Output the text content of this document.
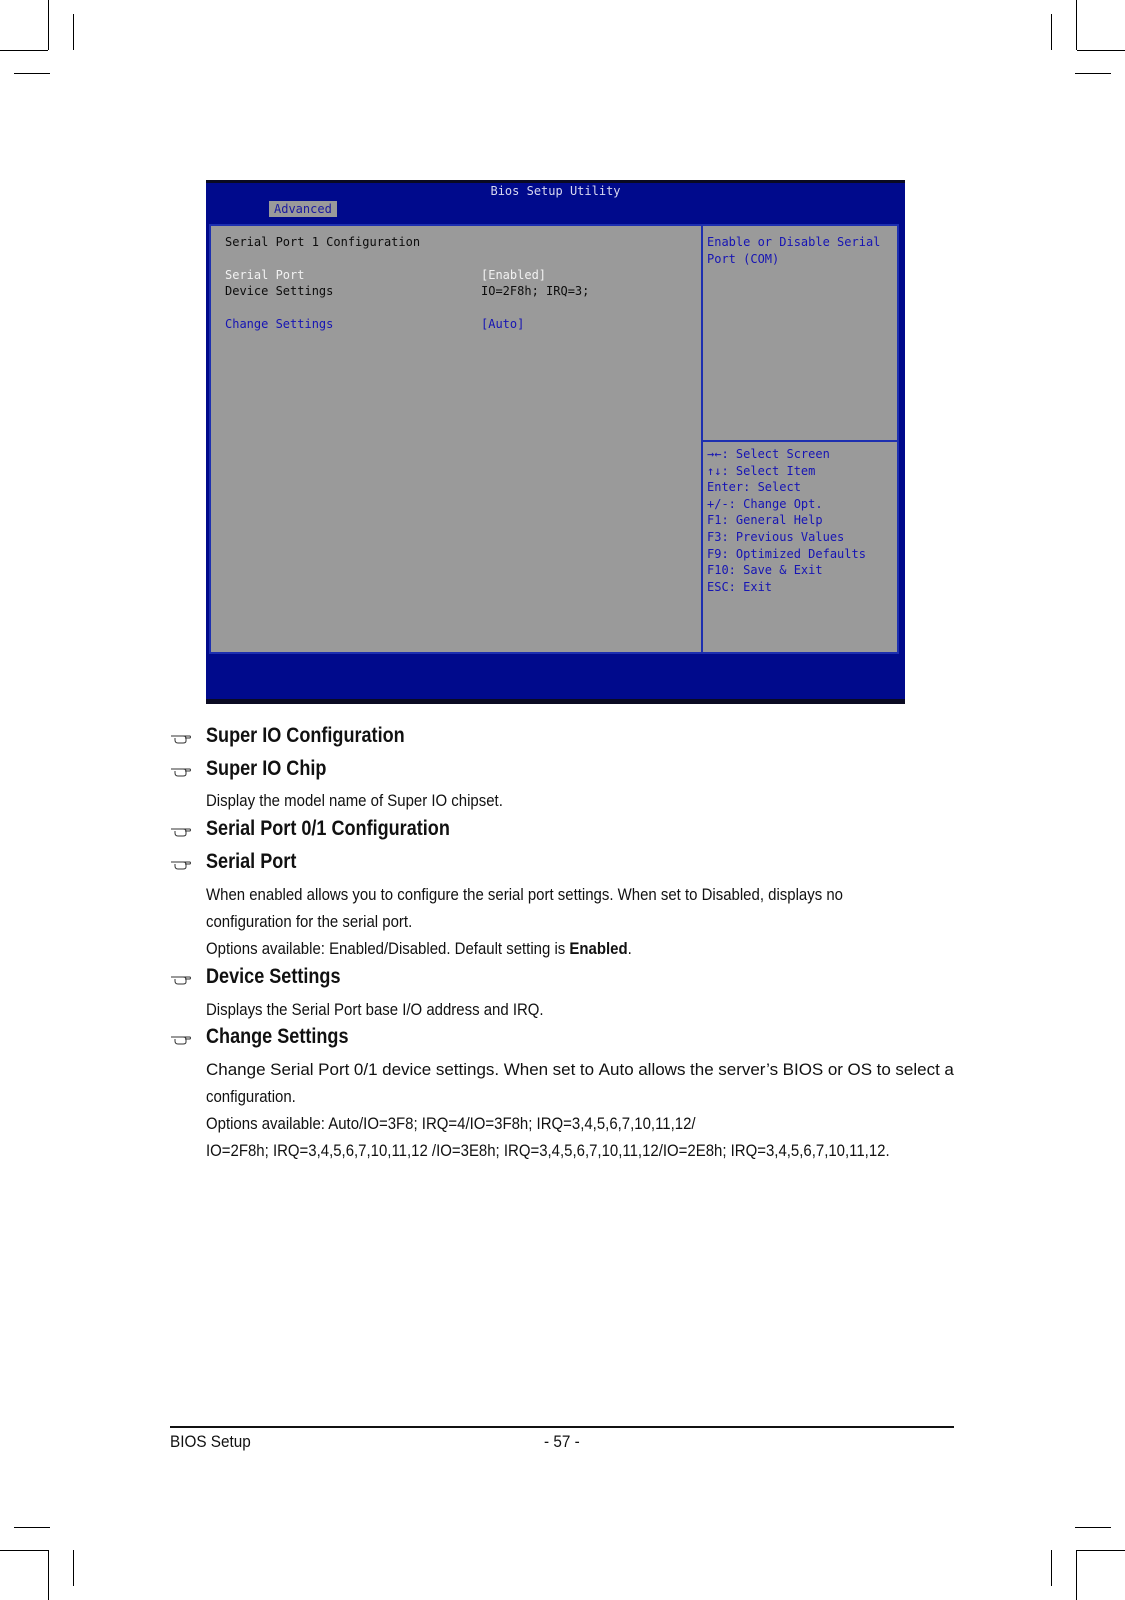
Bios Setup Utility
Advanced
Serial Port 1 Configuration
Serial Port	[Enabled]
Device Settings	IO=2F8h; IRQ=3;
Change Settings	[Auto]
Enable or Disable Serial
Port (COM)
→←: Select Screen
↑↓: Select Item
Enter: Select
+/-: Change Opt.
F1: General Help
F3: Previous Values
F9: Optimized Defaults
F10: Save & Exit
ESC: Exit
Super IO Configuration
Super IO Chip
Display the model name of Super IO chipset.
Serial Port 0/1 Configuration
Serial Port
When enabled allows you to configure the serial port settings. When set to Disabled, displays no
configuration for the serial port.
Options available: Enabled/Disabled. Default setting is Enabled.
Device Settings
Displays the Serial Port base I/O address and IRQ.
Change Settings
Change Serial Port 0/1 device settings. When set to Auto allows the server’s BIOS or OS to select a
configuration.
Options available: Auto/IO=3F8; IRQ=4/IO=3F8h; IRQ=3,4,5,6,7,10,11,12/
IO=2F8h; IRQ=3,4,5,6,7,10,11,12 /IO=3E8h; IRQ=3,4,5,6,7,10,11,12/IO=2E8h; IRQ=3,4,5,6,7,10,11,12.
BIOS Setup	- 57 -
